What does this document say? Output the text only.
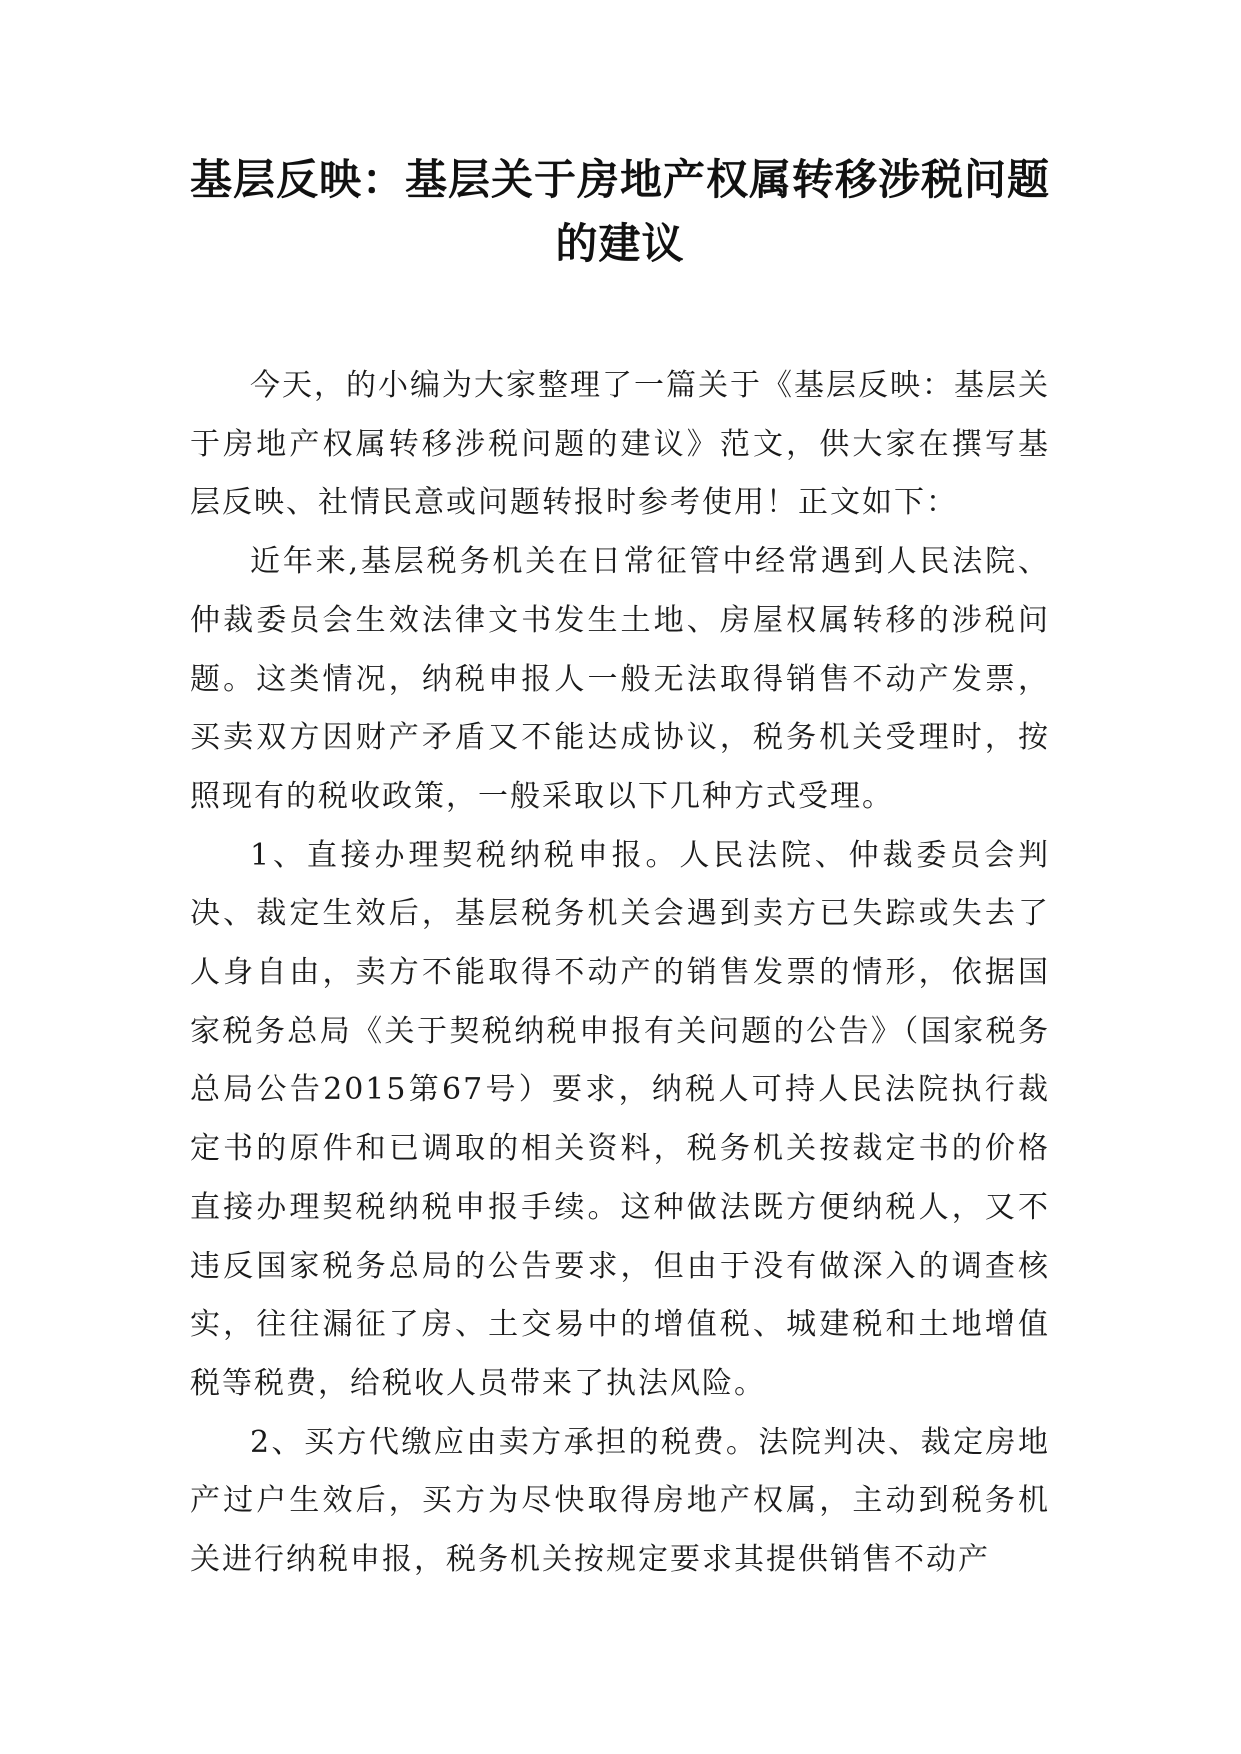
基层反映：基层关于房地产权属转移涉税问题的建议

今天，的小编为大家整理了一篇关于《基层反映：基层关于房地产权属转移涉税问题的建议》范文，供大家在撰写基层反映、社情民意或问题转报时参考使用！正文如下：

近年来,基层税务机关在日常征管中经常遇到人民法院、仲裁委员会生效法律文书发生土地、房屋权属转移的涉税问题。这类情况，纳税申报人一般无法取得销售不动产发票，买卖双方因财产矛盾又不能达成协议，税务机关受理时，按照现有的税收政策，一般采取以下几种方式受理。

1、直接办理契税纳税申报。人民法院、仲裁委员会判决、裁定生效后，基层税务机关会遇到卖方已失踪或失去了人身自由，卖方不能取得不动产的销售发票的情形，依据国家税务总局《关于契税纳税申报有关问题的公告》（国家税务总局公告2015第67号）要求，纳税人可持人民法院执行裁定书的原件和已调取的相关资料，税务机关按裁定书的价格直接办理契税纳税申报手续。这种做法既方便纳税人，又不违反国家税务总局的公告要求，但由于没有做深入的调查核实，往往漏征了房、土交易中的增值税、城建税和土地增值税等税费，给税收人员带来了执法风险。

2、买方代缴应由卖方承担的税费。法院判决、裁定房地产过户生效后，买方为尽快取得房地产权属，主动到税务机关进行纳税申报，税务机关按规定要求其提供销售不动产
